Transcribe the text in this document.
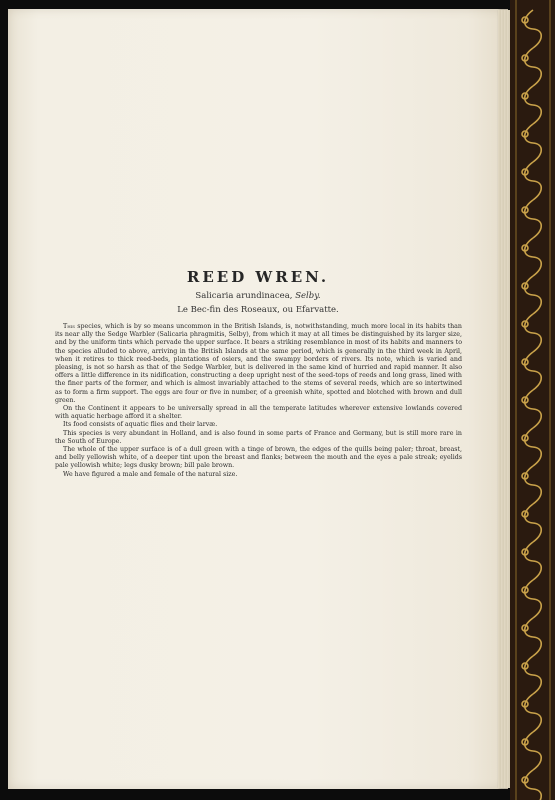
REED WREN.
Salicaria arundinacea, Selby.
Le Bec-fin des Roseaux, ou Efarvatte.

This species, which is by so means uncommon in the British Islands, is, notwithstanding, much more local in its habits than its near ally the Sedge Warbler (Salicaria phragmitis, Selby), from which it may at all times be distinguished by its larger size, and by the uniform tints which pervade the upper surface. It bears a striking resemblance in most of its habits and manners to the species alluded to above, arriving in the British Islands at the same period, which is generally in the third week in April, when it retires to thick reed-beds, plantations of osiers, and the swampy borders of rivers. Its note, which is varied and pleasing, is not so harsh as that of the Sedge Warbler, but is delivered in the same kind of hurried and rapid manner. It also offers a little difference in its nidification, constructing a deep upright nest of the seed-tops of reeds and long grass, lined with the finer parts of the former, and which is almost invariably attached to the stems of several reeds, which are so intertwined as to form a firm support. The eggs are four or five in number, of a greenish white, spotted and blotched with brown and dull green.

On the Continent it appears to be universally spread in all the temperate latitudes wherever extensive lowlands covered with aquatic herbage afford it a shelter.

Its food consists of aquatic flies and their larvæ.

This species is very abundant in Holland, and is also found in some parts of France and Germany, but is still more rare in the South of Europe.

The whole of the upper surface is of a dull green with a tinge of brown, the edges of the quills being paler; throat, breast, and belly yellowish white, of a deeper tint upon the breast and flanks; between the mouth and the eyes a pale streak; eyelids pale yellowish white; legs dusky brown; bill pale brown.

We have figured a male and female of the natural size.
